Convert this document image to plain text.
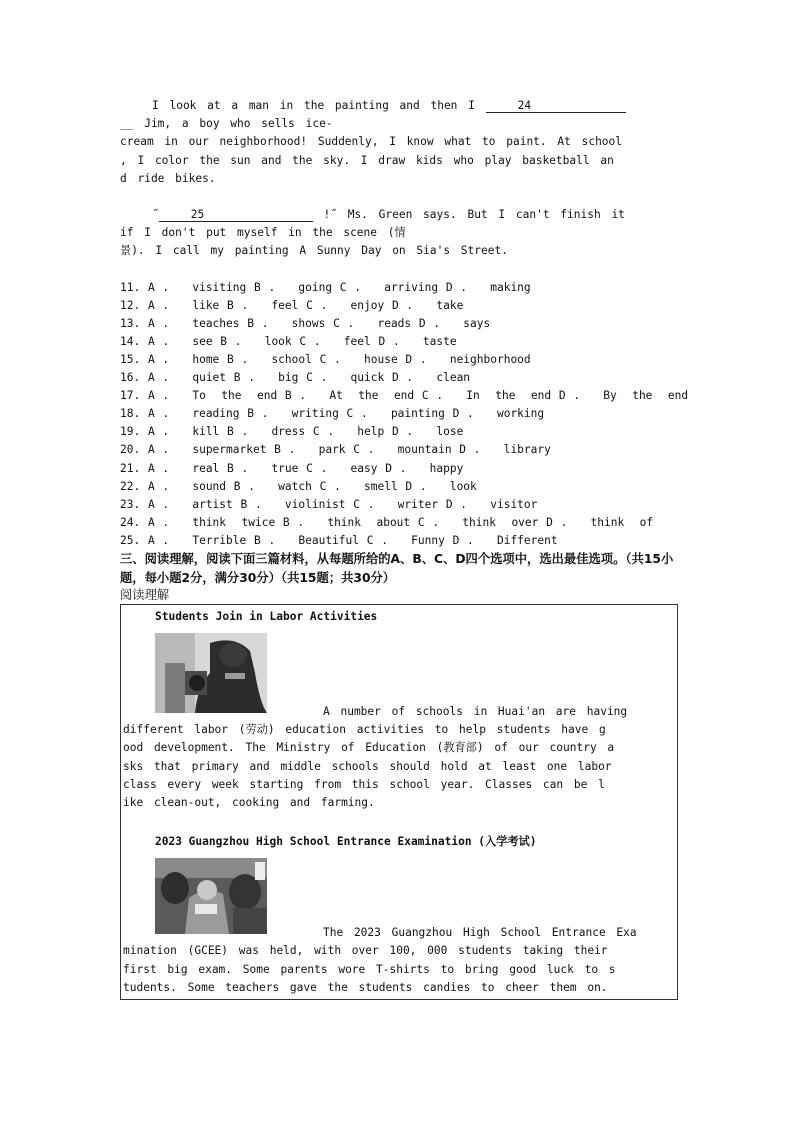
I look at a man in the painting and then I	24

__ Jim, a boy who sells ice-

cream in our neighborhood! Suddenly, I know what to paint. At school

, I color the sun and the sky. I draw kids who play basketball an

d ride bikes.

˝	25	!˝ Ms. Green says. But I can't finish it

if I don't put myself in the scene (情

景). I call my painting A Sunny Day on Sia's Street.

11. A .   visiting B .   going C .   arriving D .   making

12. A .   like B .   feel C .   enjoy D .   take

13. A .   teaches B .   shows C .   reads D .   says

14. A .   see B .   look C .   feel D .   taste

15. A .   home B .   school C .   house D .   neighborhood

16. A .   quiet B .   big C .   quick D .   clean

17. A .   To  the  end B .   At  the  end C .   In  the  end D .   By  the  end

18. A .   reading B .   writing C .   painting D .   working

19. A .   kill B .   dress C .   help D .   lose

20. A .   supermarket B .   park C .   mountain D .   library

21. A .   real B .   true C .   easy D .   happy

22. A .   sound B .   watch C .   smell D .   look

23. A .   artist B .   violinist C .   writer D .   visitor

24. A .   think  twice B .   think  about C .   think  over D .   think  of

25. A .   Terrible B .   Beautiful C .   Funny D .   Different

三、阅读理解，阅读下面三篇材料，从每题所给的A、B、C、D四个选项中，选出最佳选项。（共15小题，每小题2分，满分30分）（共15题；共30分）

阅读理解

Students Join in Labor Activities

A number of schools in Huai'an are having

different labor (劳动) education activities to help students have g

ood development. The Ministry of Education (教育部) of our country a

sks that primary and middle schools should hold at least one labor

class every week starting from this school year. Classes can be l

ike clean-out, cooking and farming.

2023 Guangzhou High School Entrance Examination (入学考试)

The 2023 Guangzhou High School Entrance Exa

mination (GCEE) was held, with over 100, 000 students taking their

first big exam. Some parents wore T-shirts to bring good luck to s

tudents. Some teachers gave the students candies to cheer them on.
